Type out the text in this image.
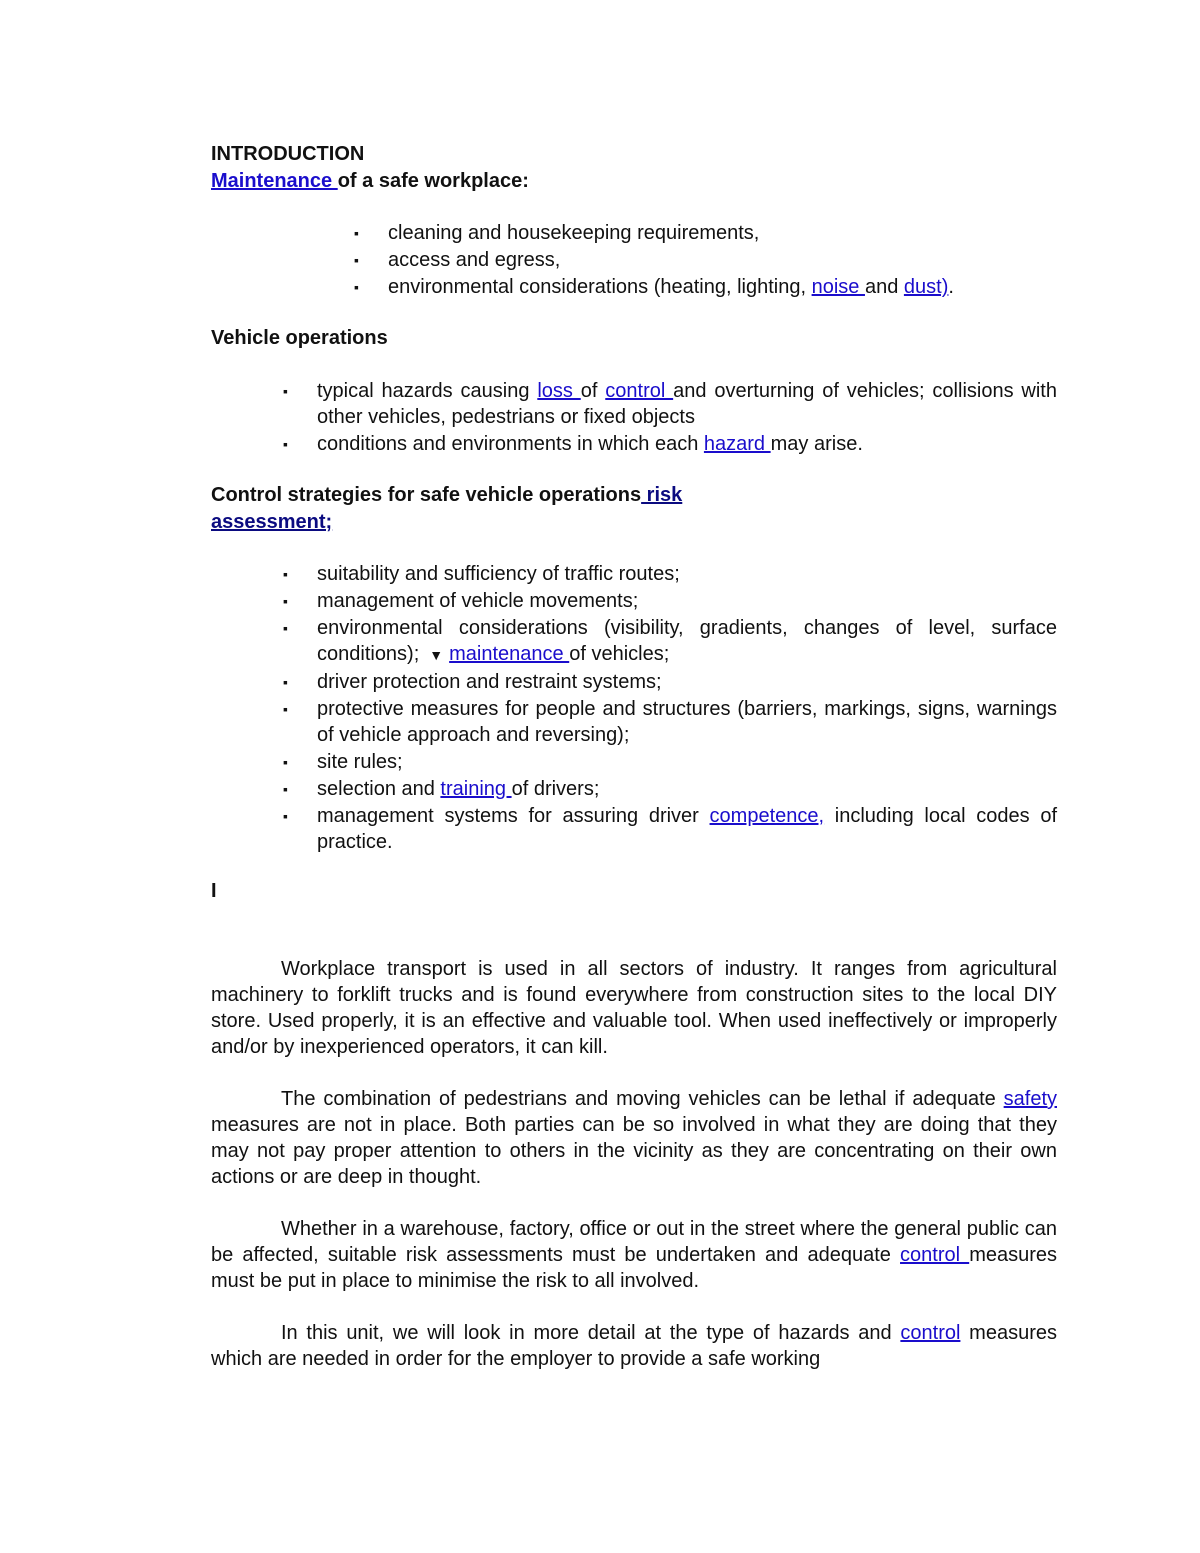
INTRODUCTION
Maintenance of a safe workplace:
▪ cleaning and housekeeping requirements,
▪ access and egress,
▪ environmental considerations (heating, lighting, noise and dust).
Vehicle operations
▪ typical hazards causing loss of control and overturning of vehicles; collisions with other vehicles, pedestrians or fixed objects
▪ conditions and environments in which each hazard may arise.
Control strategies for safe vehicle operations risk
assessment;
▪ suitability and sufficiency of traffic routes;
▪ management of vehicle movements;
▪ environmental considerations (visibility, gradients, changes of level, surface conditions); ▼ maintenance of vehicles;
▪ driver protection and restraint systems;
▪ protective measures for people and structures (barriers, markings, signs, warnings of vehicle approach and reversing);
▪ site rules;
▪ selection and training of drivers;
▪ management systems for assuring driver competence, including local codes of practice.
I
Workplace transport is used in all sectors of industry. It ranges from agricultural machinery to forklift trucks and is found everywhere from construction sites to the local DIY store. Used properly, it is an effective and valuable tool. When used ineffectively or improperly and/or by inexperienced operators, it can kill.
The combination of pedestrians and moving vehicles can be lethal if adequate safety measures are not in place. Both parties can be so involved in what they are doing that they may not pay proper attention to others in the vicinity as they are concentrating on their own actions or are deep in thought.
Whether in a warehouse, factory, office or out in the street where the general public can be affected, suitable risk assessments must be undertaken and adequate control measures must be put in place to minimise the risk to all involved.
In this unit, we will look in more detail at the type of hazards and control measures which are needed in order for the employer to provide a safe working
